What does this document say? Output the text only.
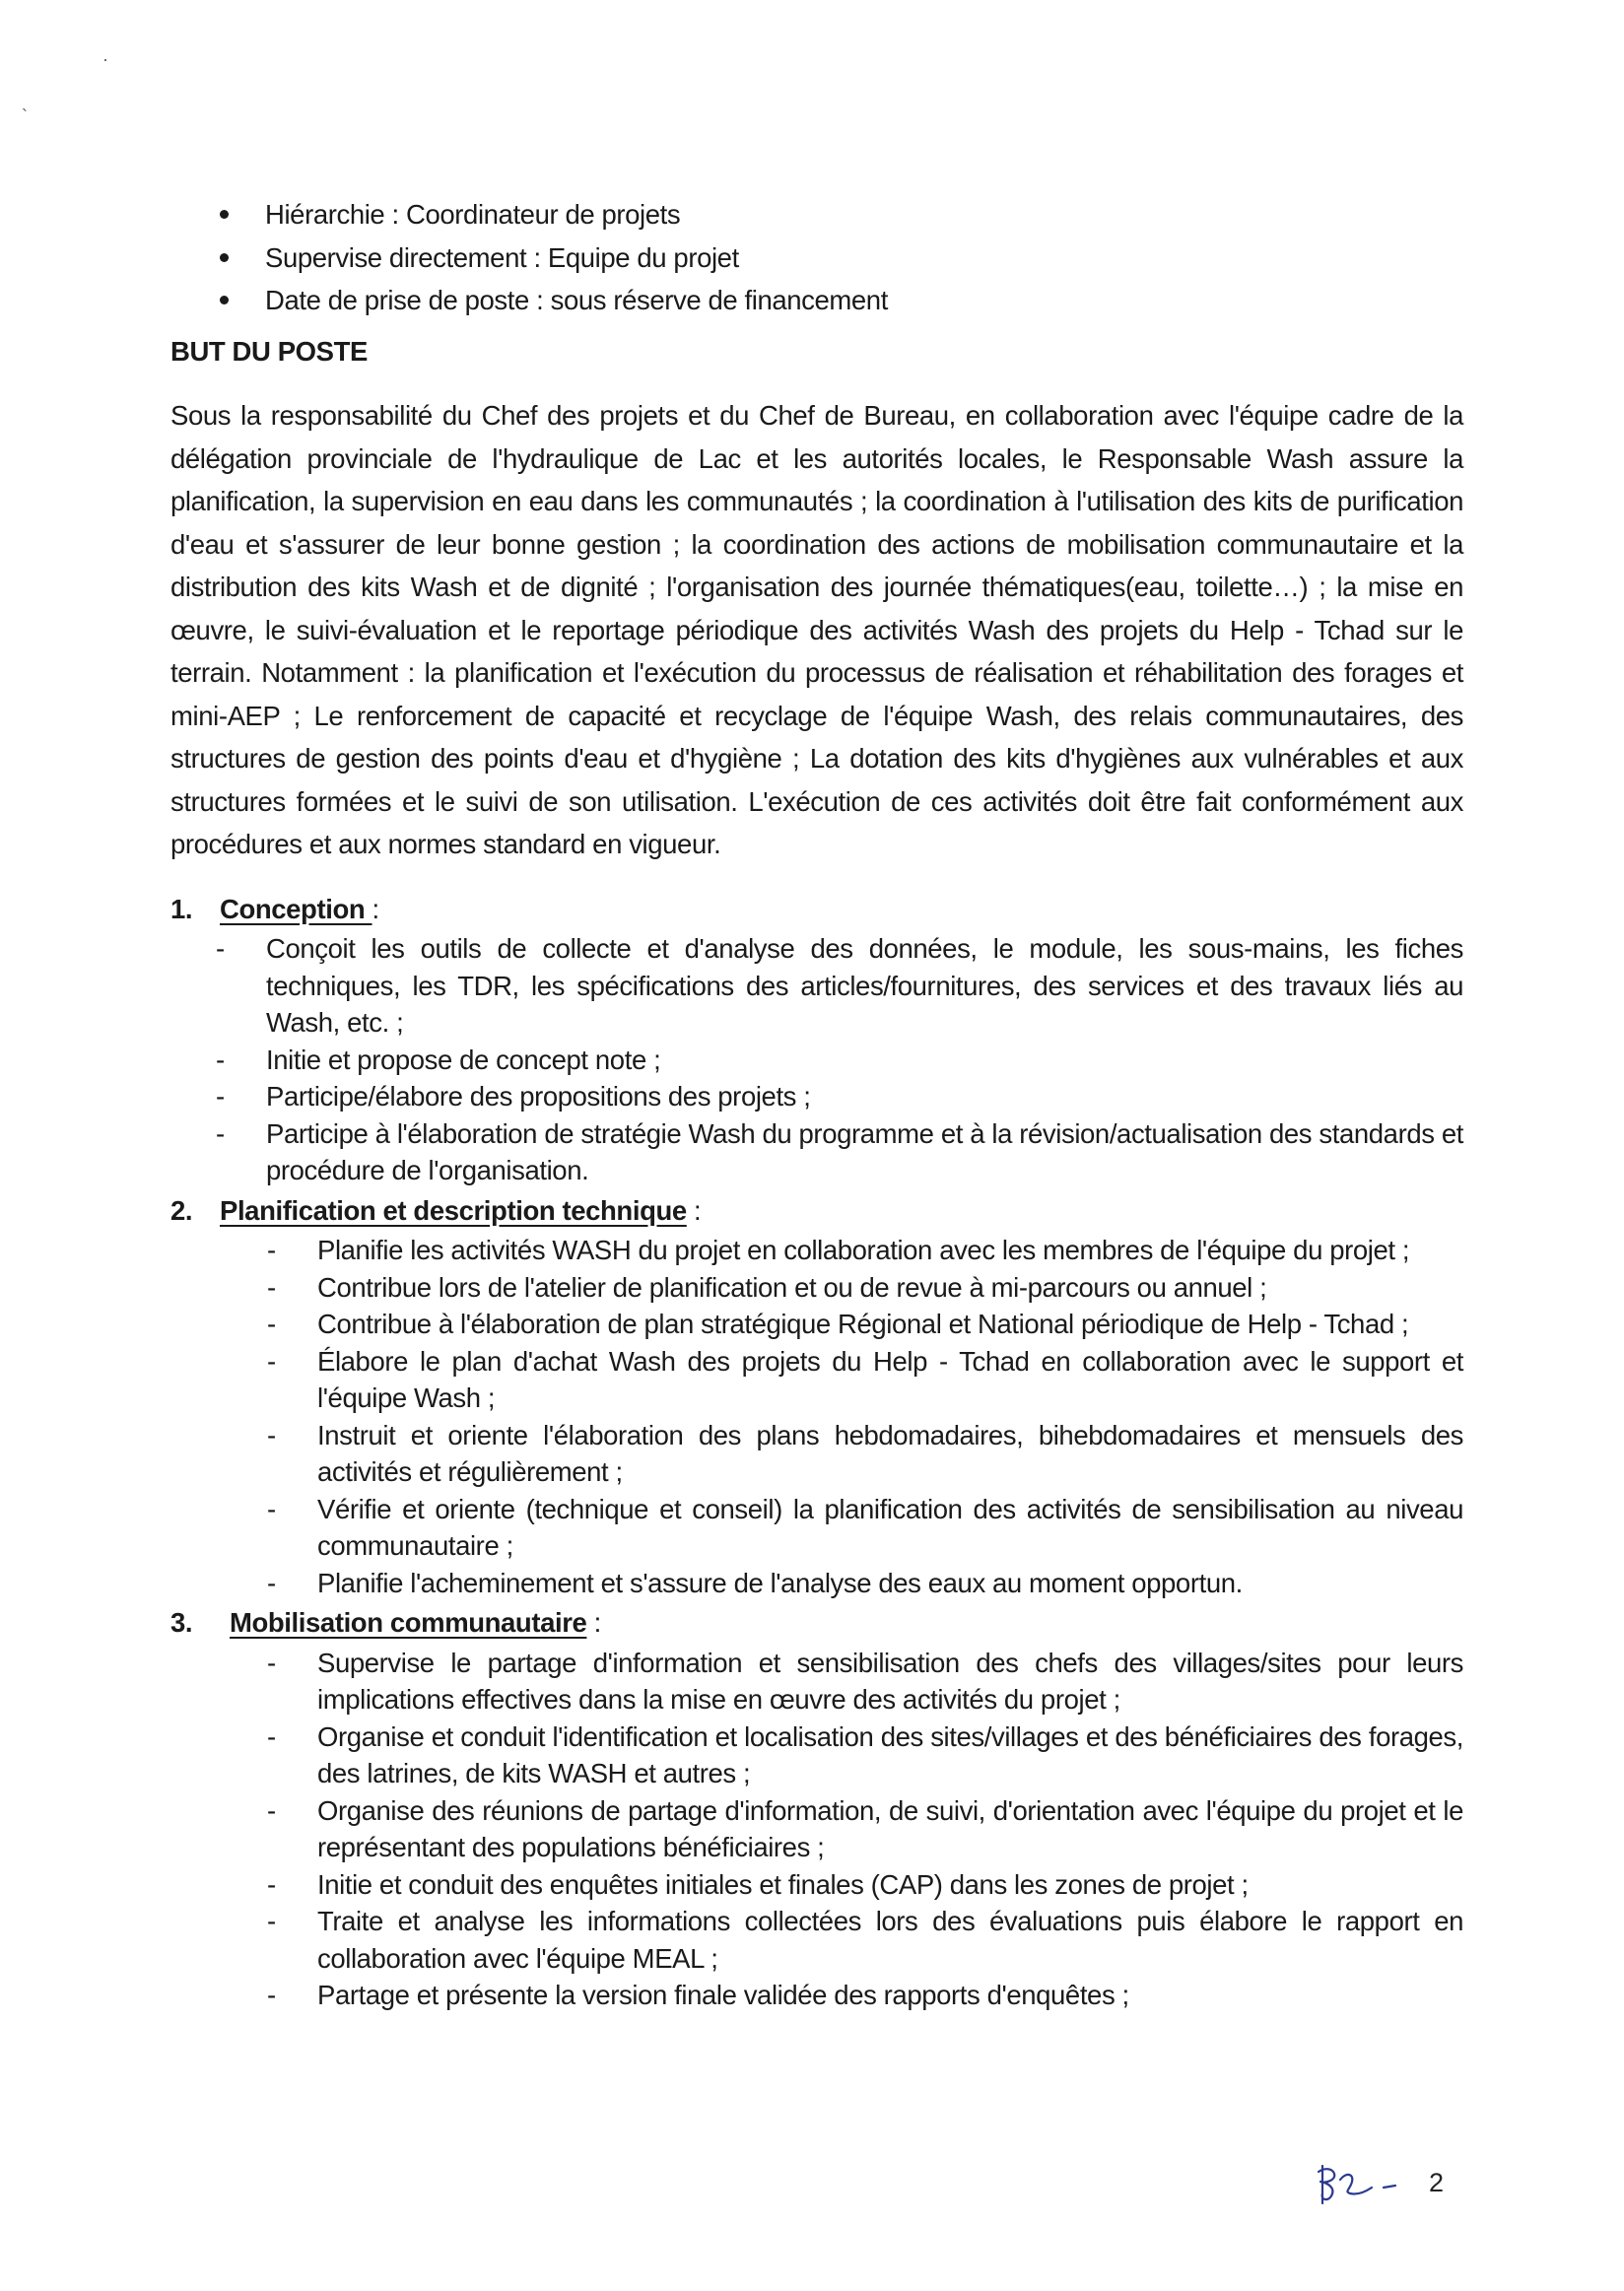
·
`
Hiérarchie : Coordinateur de projets
Supervise directement : Equipe du projet
Date de prise de poste : sous réserve de financement
BUT DU POSTE

Sous la responsabilité du Chef des projets et du Chef de Bureau, en collaboration avec l'équipe cadre de la délégation provinciale de l'hydraulique de Lac et les autorités locales, le Responsable Wash assure la planification, la supervision en eau dans les communautés ; la coordination à l'utilisation des kits de purification d'eau et s'assurer de leur bonne gestion ; la coordination des actions de mobilisation communautaire et la distribution des kits Wash et de dignité ; l'organisation des journée thématiques(eau, toilette…) ; la mise en œuvre, le suivi-évaluation et le reportage périodique des activités Wash des projets du Help - Tchad sur le terrain. Notamment : la planification et l'exécution du processus de réalisation et réhabilitation des forages et mini-AEP ; Le renforcement de capacité et recyclage de l'équipe Wash, des relais communautaires, des structures de gestion des points d'eau et d'hygiène ; La dotation des kits d'hygiènes aux vulnérables et aux structures formées et le suivi de son utilisation. L'exécution de ces activités doit être fait conformément aux procédures et aux normes standard en vigueur.

1. Conception :
- Conçoit les outils de collecte et d'analyse des données, le module, les sous-mains, les fiches techniques, les TDR, les spécifications des articles/fournitures, des services et des travaux liés au Wash, etc. ;
- Initie et propose de concept note ;
- Participe/élabore des propositions des projets ;
- Participe à l'élaboration de stratégie Wash du programme et à la révision/actualisation des standards et procédure de l'organisation.
2. Planification et description technique :
- Planifie les activités WASH du projet en collaboration avec les membres de l'équipe du projet ;
- Contribue lors de l'atelier de planification et ou de revue à mi-parcours ou annuel ;
- Contribue à l'élaboration de plan stratégique Régional et National périodique de Help - Tchad ;
- Élabore le plan d'achat Wash des projets du Help - Tchad en collaboration avec le support et l'équipe Wash ;
- Instruit et oriente l'élaboration des plans hebdomadaires, bihebdomadaires et mensuels des activités et régulièrement ;
- Vérifie et oriente (technique et conseil) la planification des activités de sensibilisation au niveau communautaire ;
- Planifie l'acheminement et s'assure de l'analyse des eaux au moment opportun.
3. Mobilisation communautaire :
- Supervise le partage d'information et sensibilisation des chefs des villages/sites pour leurs implications effectives dans la mise en œuvre des activités du projet ;
- Organise et conduit l'identification et localisation des sites/villages et des bénéficiaires des forages, des latrines, de kits WASH et autres ;
- Organise des réunions de partage d'information, de suivi, d'orientation avec l'équipe du projet et le représentant des populations bénéficiaires ;
- Initie et conduit des enquêtes initiales et finales (CAP) dans les zones de projet ;
- Traite et analyse les informations collectées lors des évaluations puis élabore le rapport en collaboration avec l'équipe MEAL ;
- Partage et présente la version finale validée des rapports d'enquêtes ;
2
